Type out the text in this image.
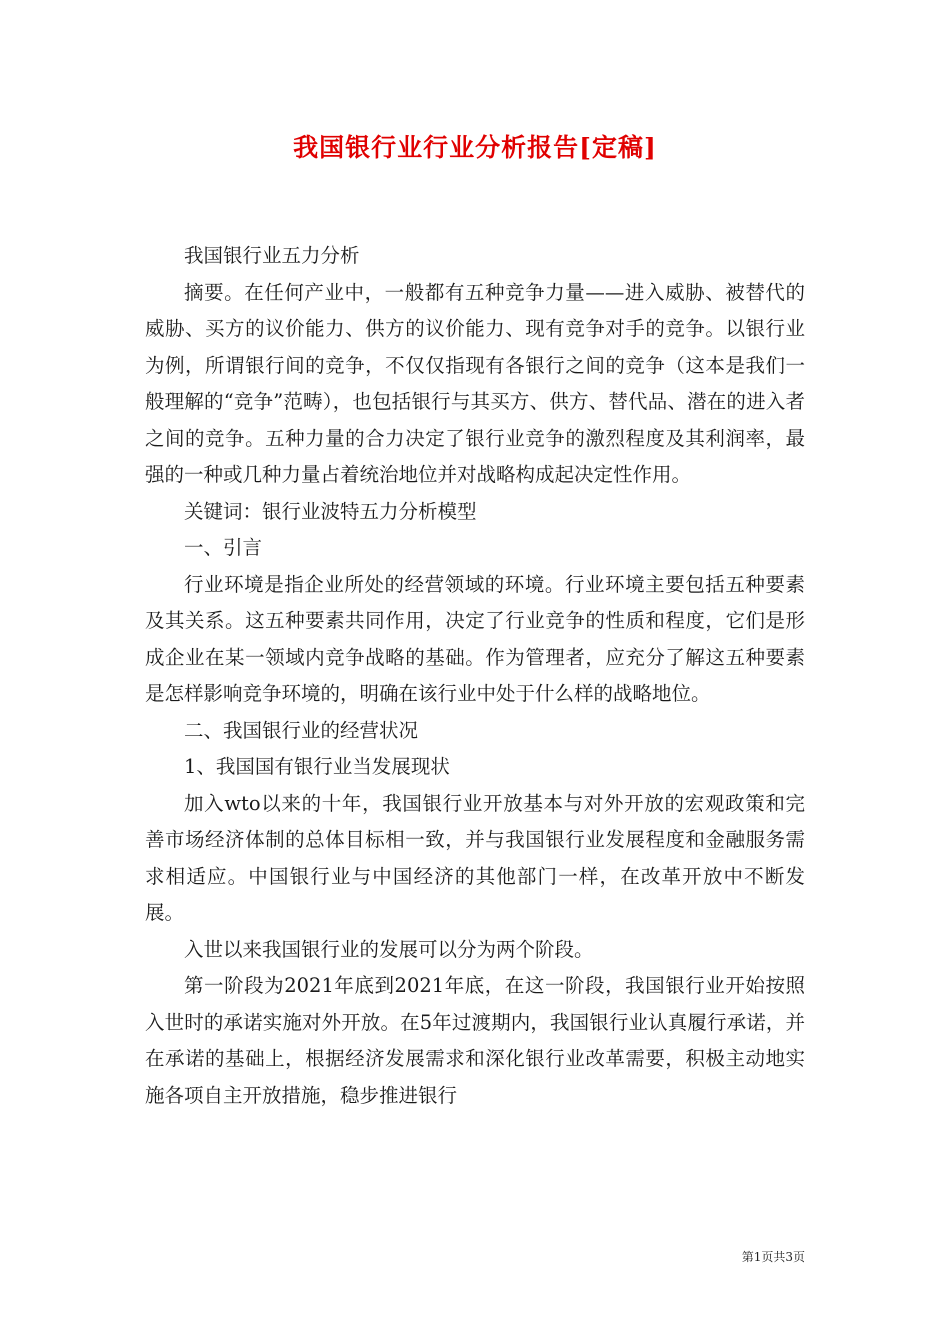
我国银行业行业分析报告[定稿]

我国银行业五力分析

摘要。在任何产业中，一般都有五种竞争力量——进入威胁、被替代的威胁、买方的议价能力、供方的议价能力、现有竞争对手的竞争。以银行业为例，所谓银行间的竞争，不仅仅指现有各银行之间的竞争（这本是我们一般理解的“竞争”范畴），也包括银行与其买方、供方、替代品、潜在的进入者之间的竞争。五种力量的合力决定了银行业竞争的激烈程度及其利润率，最强的一种或几种力量占着统治地位并对战略构成起决定性作用。

关键词：银行业波特五力分析模型

一、引言

行业环境是指企业所处的经营领域的环境。行业环境主要包括五种要素及其关系。这五种要素共同作用，决定了行业竞争的性质和程度，它们是形成企业在某一领域内竞争战略的基础。作为管理者，应充分了解这五种要素是怎样影响竞争环境的，明确在该行业中处于什么样的战略地位。

二、我国银行业的经营状况

1、我国国有银行业当发展现状

加入wto以来的十年，我国银行业开放基本与对外开放的宏观政策和完善市场经济体制的总体目标相一致，并与我国银行业发展程度和金融服务需求相适应。中国银行业与中国经济的其他部门一样，在改革开放中不断发展。

入世以来我国银行业的发展可以分为两个阶段。

第一阶段为2021年底到2021年底，在这一阶段，我国银行业开始按照入世时的承诺实施对外开放。在5年过渡期内，我国银行业认真履行承诺，并在承诺的基础上，根据经济发展需求和深化银行业改革需要，积极主动地实施各项自主开放措施，稳步推进银行

第1页共3页
